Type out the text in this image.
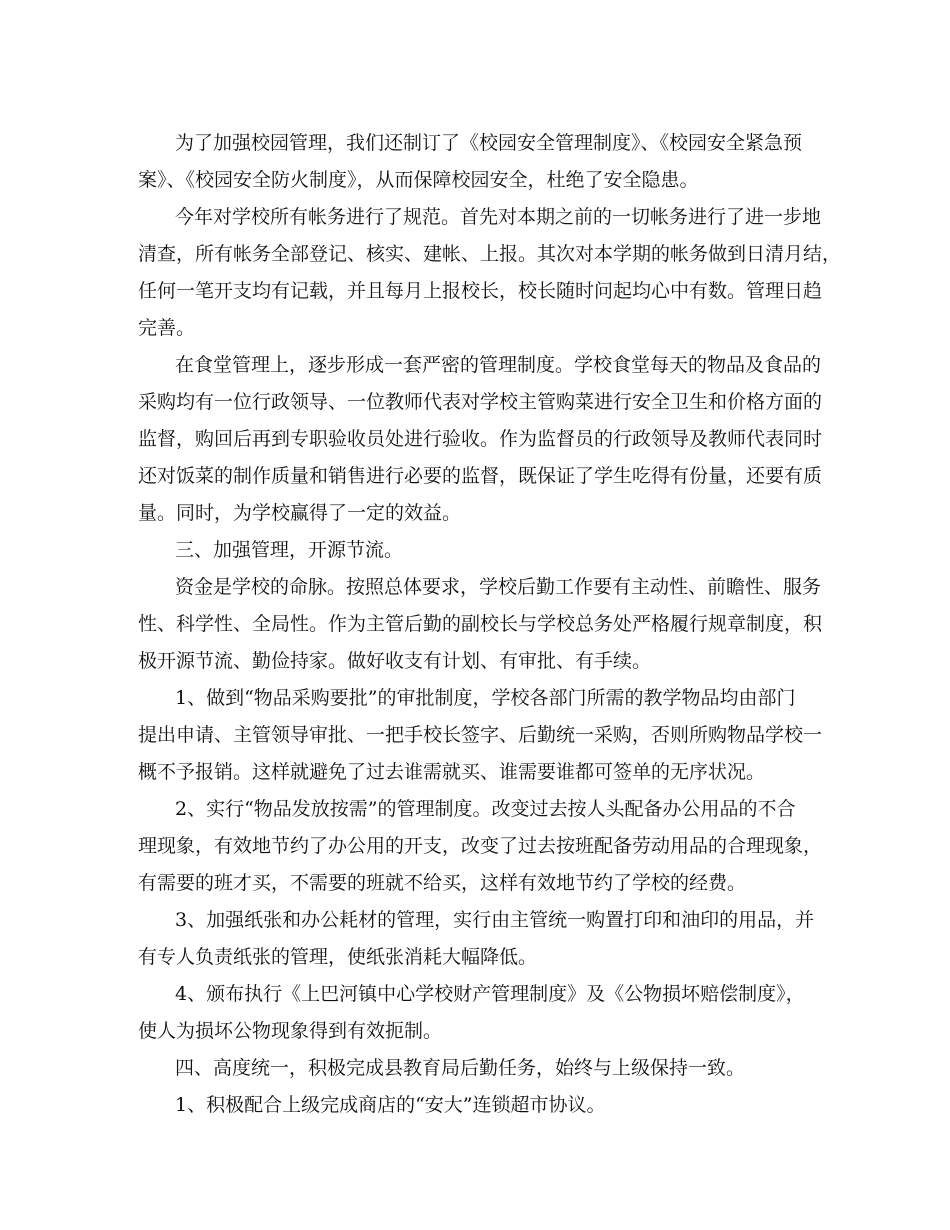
为了加强校园管理，我们还制订了《校园安全管理制度》、《校园安全紧急预
案》、《校园安全防火制度》，从而保障校园安全，杜绝了安全隐患。
今年对学校所有帐务进行了规范。首先对本期之前的一切帐务进行了进一步地
清查，所有帐务全部登记、核实、建帐、上报。其次对本学期的帐务做到日清月结，
任何一笔开支均有记载，并且每月上报校长，校长随时问起均心中有数。管理日趋
完善。
在食堂管理上，逐步形成一套严密的管理制度。学校食堂每天的物品及食品的
采购均有一位行政领导、一位教师代表对学校主管购菜进行安全卫生和价格方面的
监督，购回后再到专职验收员处进行验收。作为监督员的行政领导及教师代表同时
还对饭菜的制作质量和销售进行必要的监督，既保证了学生吃得有份量，还要有质
量。同时，为学校赢得了一定的效益。
三、加强管理，开源节流。
资金是学校的命脉。按照总体要求，学校后勤工作要有主动性、前瞻性、服务
性、科学性、全局性。作为主管后勤的副校长与学校总务处严格履行规章制度，积
极开源节流、勤俭持家。做好收支有计划、有审批、有手续。
1、做到“物品采购要批”的审批制度，学校各部门所需的教学物品均由部门
提出申请、主管领导审批、一把手校长签字、后勤统一采购，否则所购物品学校一
概不予报销。这样就避免了过去谁需就买、谁需要谁都可签单的无序状况。
2、实行“物品发放按需”的管理制度。改变过去按人头配备办公用品的不合
理现象，有效地节约了办公用的开支，改变了过去按班配备劳动用品的合理现象，
有需要的班才买，不需要的班就不给买，这样有效地节约了学校的经费。
3、加强纸张和办公耗材的管理，实行由主管统一购置打印和油印的用品，并
有专人负责纸张的管理，使纸张消耗大幅降低。
4、颁布执行《上巴河镇中心学校财产管理制度》及《公物损坏赔偿制度》，
使人为损坏公物现象得到有效扼制。
四、高度统一，积极完成县教育局后勤任务，始终与上级保持一致。
1、积极配合上级完成商店的“安大”连锁超市协议。
